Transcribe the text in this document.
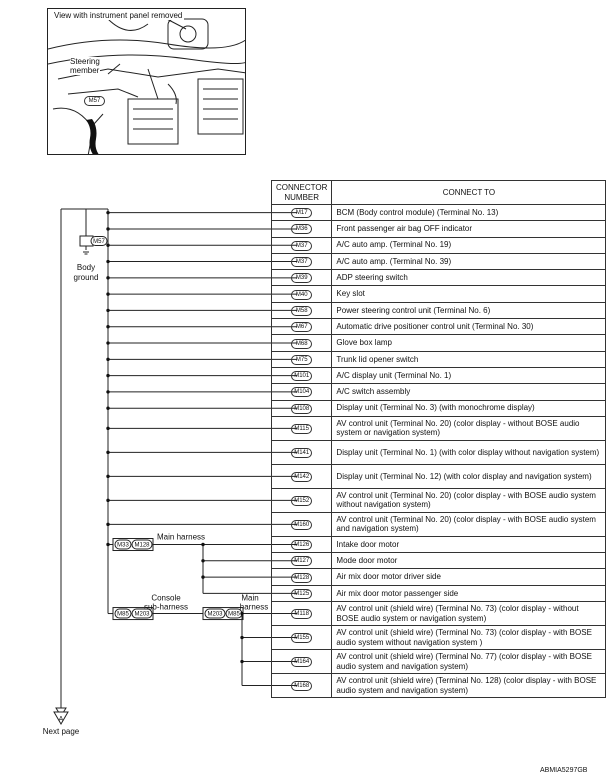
View with instrument panel removed
Steering
member
M57
A
Next page
M57
Body
ground
M33 M128
Main harness
M85 M203
Console
sub-harness
M203 M85
Main
harness
CONNECTOR
NUMBER	CONNECT TO
M17	BCM (Body control module) (Terminal No. 13)
M36	Front passenger air bag OFF indicator
M37	A/C auto amp. (Terminal No. 19)
M37	A/C auto amp. (Terminal No. 39)
M39	ADP steering switch
M40	Key slot
M58	Power steering control unit (Terminal No. 6)
M67	Automatic drive positioner control unit (Terminal No. 30)
M68	Glove box lamp
M75	Trunk lid opener switch
M101	A/C display unit (Terminal No. 1)
M104	A/C switch assembly
M108	Display unit (Terminal No. 3) (with monochrome display)
M115	AV control unit (Terminal No. 20) (color display - without BOSE audio system or navigation system)
M141	Display unit (Terminal No. 1) (with color display without navigation system)
M142	Display unit (Terminal No. 12) (with color display and navigation system)
M152	AV control unit (Terminal No. 20) (color display - with BOSE audio system without navigation system)
M160	AV control unit (Terminal No. 20) (color display - with BOSE audio system and navigation system)
M126	Intake door motor
M127	Mode door motor
M128	Air mix door motor driver side
M125	Air mix door motor passenger side
M118	AV control unit (shield wire) (Terminal No. 73) (color display - without BOSE audio system or navigation system)
M155	AV control unit (shield wire) (Terminal No. 73) (color display - with BOSE audio system without navigation system )
M164	AV control unit (shield wire) (Terminal No. 77) (color display - with BOSE audio system and navigation system)
M168	AV control unit (shield wire) (Terminal No. 128) (color display - with BOSE audio system and navigation system)
ABMIA5297GB
